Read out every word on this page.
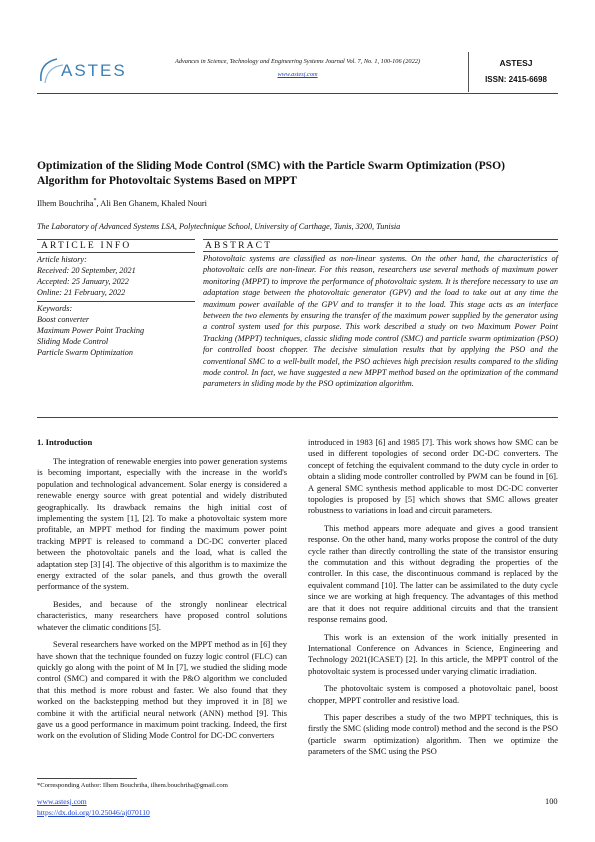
ASTES	Advances in Science, Technology and Engineering Systems Journal Vol. 7, No. 1, 100-106 (2022)
www.astesj.com
ASTESJ
ISSN: 2415-6698
Optimization of the Sliding Mode Control (SMC) with the Particle Swarm Optimization (PSO) Algorithm for Photovoltaic Systems Based on MPPT
Ilhem Bouchriha*, Ali Ben Ghanem, Khaled Nouri
The Laboratory of Advanced Systems LSA, Polytechnique School, University of Carthage, Tunis, 3200, Tunisia
ARTICLE INFO
Article history:
Received: 20 September, 2021
Accepted: 25 January, 2022
Online: 21 February, 2022
Keywords:
Boost converter
Maximum Power Point Tracking
Sliding Mode Control
Particle Swarm Optimization
ABSTRACT
Photovoltaic systems are classified as non-linear systems. On the other hand, the characteristics of photovoltaic cells are non-linear. For this reason, researchers use several methods of maximum power monitoring (MPPT) to improve the performance of photovoltaic system. It is therefore necessary to use an adaptation stage between the photovoltaic generator (GPV) and the load to take out at any time the maximum power available of the GPV and to transfer it to the load. This stage acts as an interface between the two elements by ensuring the transfer of the maximum power supplied by the generator using a control system used for this purpose. This work described a study on two Maximum Power Point Tracking (MPPT) techniques, classic sliding mode control (SMC) and particle swarm optimization (PSO) for controlled boost chopper. The decisive simulation results that by applying the PSO and the conventional SMC to a well-built model, the PSO achieves high precision results compared to the sliding mode control. In fact, we have suggested a new MPPT method based on the optimization of the command parameters in sliding mode by the PSO optimization algorithm.
1. Introduction

The integration of renewable energies into power generation systems is becoming important, especially with the increase in the world's population and technological advancement. Solar energy is considered a renewable energy source with great potential and widely distributed geographically. Its drawback remains the high initial cost of implementing the system [1], [2]. To make a photovoltaic system more profitable, an MPPT method for finding the maximum power point tracking MPPT is released to command a DC-DC converter placed between the photovoltaic panels and the load, what is called the adaptation step [3] [4]. The objective of this algorithm is to maximize the energy extracted of the solar panels, and thus growth the overall performance of the system.

Besides, and because of the strongly nonlinear electrical characteristics, many researchers have proposed control solutions whatever the climatic conditions [5].

Several researchers have worked on the MPPT method as in [6] they have shown that the technique founded on fuzzy logic control (FLC) can quickly go along with the point of M In [7], we studied the sliding mode control (SMC) and compared it with the P&O algorithm we concluded that this method is more robust and faster. We also found that they worked on the backstepping method but they improved it in [8] we combine it with the artificial neural network (ANN) method [9]. This gave us a good performance in maximum point tracking. Indeed, the first work on the evolution of Sliding Mode Control for DC-DC converters

introduced in 1983 [6] and 1985 [7]. This work shows how SMC can be used in different topologies of second order DC-DC converters. The concept of fetching the equivalent command to the duty cycle in order to obtain a sliding mode controller controlled by PWM can be found in [6]. A general SMC synthesis method applicable to most DC-DC converter topologies is proposed by [5] which shows that SMC allows greater robustness to variations in load and circuit parameters.

This method appears more adequate and gives a good transient response. On the other hand, many works propose the control of the duty cycle rather than directly controlling the state of the transistor ensuring the commutation and this without degrading the properties of the controller. In this case, the discontinuous command is replaced by the equivalent command [10]. The latter can be assimilated to the duty cycle since we are working at high frequency. The advantages of this method are that it does not require additional circuits and that the transient response remains good.

This work is an extension of the work initially presented in International Conference on Advances in Science, Engineering and Technology 2021(ICASET) [2]. In this article, the MPPT control of the photovoltaic system is processed under varying climatic irradiation.

The photovoltaic system is composed a photovoltaic panel, boost chopper, MPPT controller and resistive load.

This paper describes a study of the two MPPT techniques, this is firstly the SMC (sliding mode control) method and the second is the PSO (particle swarm optimization) algorithm. Then we optimize the parameters of the SMC using the PSO

*Corresponding Author: Ilhem Bouchriha, ilhem.bouchriha@gmail.com
www.astesj.com
https://dx.doi.org/10.25046/aj070110
100
